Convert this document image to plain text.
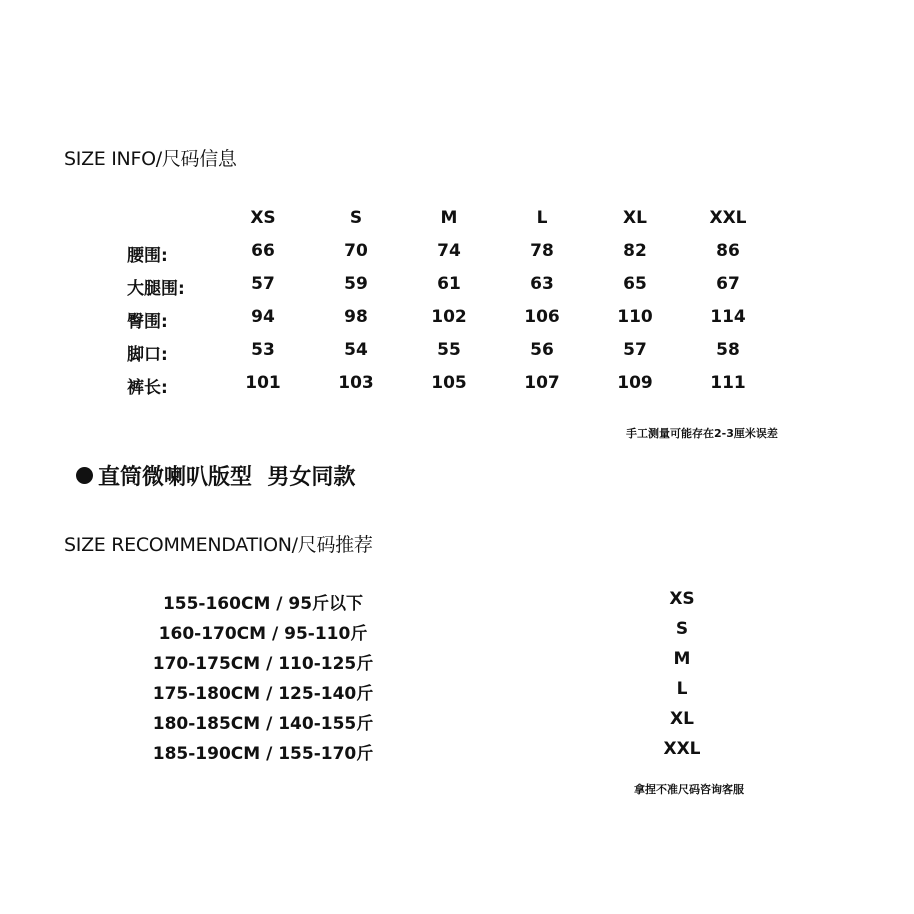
SIZE INFO/尺码信息
XS	S	M	L	XL	XXL
腰围:	66	70	74	78	82	86
大腿围:	57	59	61	63	65	67
臀围:	94	98	102	106	110	114
脚口:	53	54	55	56	57	58
裤长:	101	103	105	107	109	111
手工测量可能存在2-3厘米误差
直筒微喇叭版型  男女同款
SIZE RECOMMENDATION/尺码推荐
155-160CM / 95斤以下	XS
160-170CM / 95-110斤	S
170-175CM / 110-125斤	M
175-180CM / 125-140斤	L
180-185CM / 140-155斤	XL
185-190CM / 155-170斤	XXL
拿捏不准尺码咨询客服
